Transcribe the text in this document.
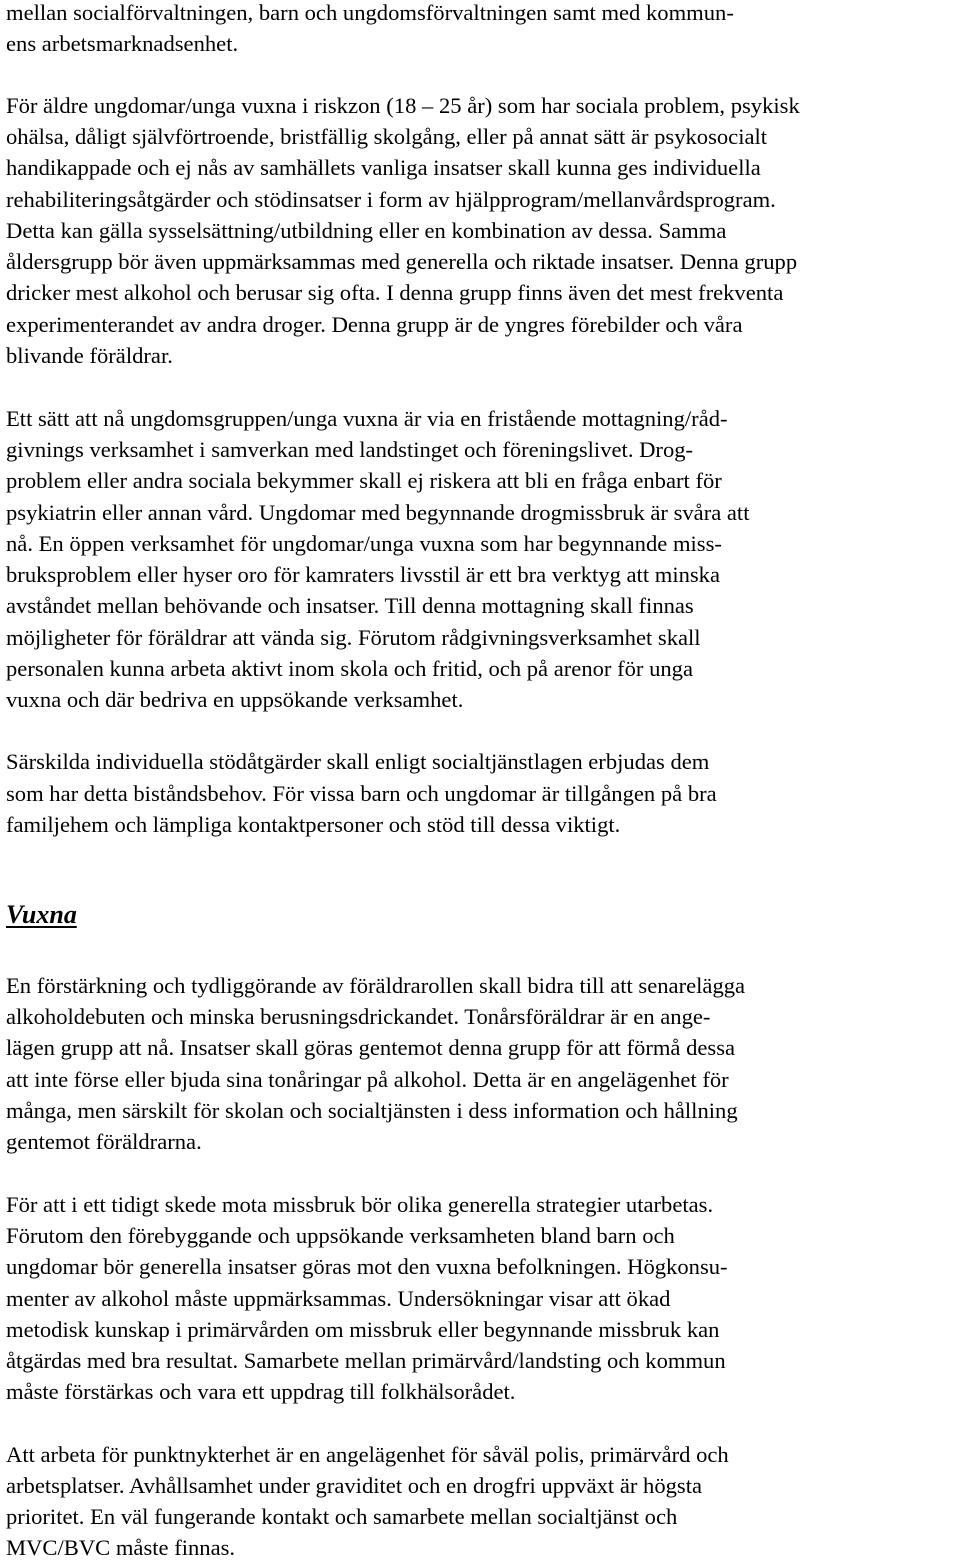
mellan socialförvaltningen, barn och ungdomsförvaltningen samt med kommun-
ens arbetsmarknadsenhet.
För äldre ungdomar/unga vuxna i riskzon (18 – 25 år) som har sociala problem, psykisk
ohälsa, dåligt självförtroende, bristfällig skolgång, eller på annat sätt är psykosocialt
handikappade och ej nås av samhällets vanliga insatser skall kunna ges individuella
rehabiliteringsåtgärder och stödinsatser i form av hjälpprogram/mellanvårdsprogram.
Detta kan gälla sysselsättning/utbildning eller en kombination av dessa. Samma
åldersgrupp bör även uppmärksammas med generella och riktade insatser. Denna grupp
dricker mest alkohol och berusar sig ofta. I denna grupp finns även det mest frekventa
experimenterandet av andra droger. Denna grupp är de yngres förebilder och våra
blivande föräldrar.
Ett sätt att nå ungdomsgruppen/unga vuxna är via en fristående mottagning/råd-
givnings verksamhet i samverkan med landstinget och föreningslivet. Drog-
problem eller andra sociala bekymmer skall ej riskera att bli en fråga enbart för
psykiatrin eller annan vård. Ungdomar med begynnande drogmissbruk är svåra att
nå. En öppen verksamhet för ungdomar/unga vuxna som har begynnande miss-
bruksproblem eller hyser oro för kamraters livsstil är ett bra verktyg att minska
avståndet mellan behövande och insatser. Till denna mottagning skall finnas
möjligheter för föräldrar att vända sig. Förutom rådgivningsverksamhet skall
personalen kunna arbeta aktivt inom skola och fritid, och på arenor för unga
vuxna och där bedriva en uppsökande verksamhet.
Särskilda individuella stödåtgärder skall enligt socialtjänstlagen erbjudas dem
som har detta biståndsbehov. För vissa barn och ungdomar är tillgången på bra
familjehem och lämpliga kontaktpersoner och stöd till dessa viktigt.
Vuxna
En förstärkning och tydliggörande av föräldrarollen skall bidra till att senarelägga
alkoholdebuten och minska berusningsdrickandet. Tonårsföräldrar är en ange-
lägen grupp att nå. Insatser skall göras gentemot denna grupp för att förmå dessa
att inte förse eller bjuda sina tonåringar på alkohol. Detta är en angelägenhet för
många, men särskilt för skolan och socialtjänsten i dess information och hållning
gentemot föräldrarna.
För att i ett tidigt skede mota missbruk bör olika generella strategier utarbetas.
Förutom den förebyggande och uppsökande verksamheten bland barn och
ungdomar bör generella insatser göras mot den vuxna befolkningen. Högkonsu-
menter av alkohol måste uppmärksammas. Undersökningar visar att ökad
metodisk kunskap i primärvården om missbruk eller begynnande missbruk kan
åtgärdas med bra resultat. Samarbete mellan primärvård/landsting och kommun
måste förstärkas och vara ett uppdrag till folkhälsorådet.
Att arbeta för punktnykterhet är en angelägenhet för såväl polis, primärvård och
arbetsplatser. Avhållsamhet under graviditet och en drogfri uppväxt är högsta
prioritet. En väl fungerande kontakt och samarbete mellan socialtjänst och
MVC/BVC måste finnas.
